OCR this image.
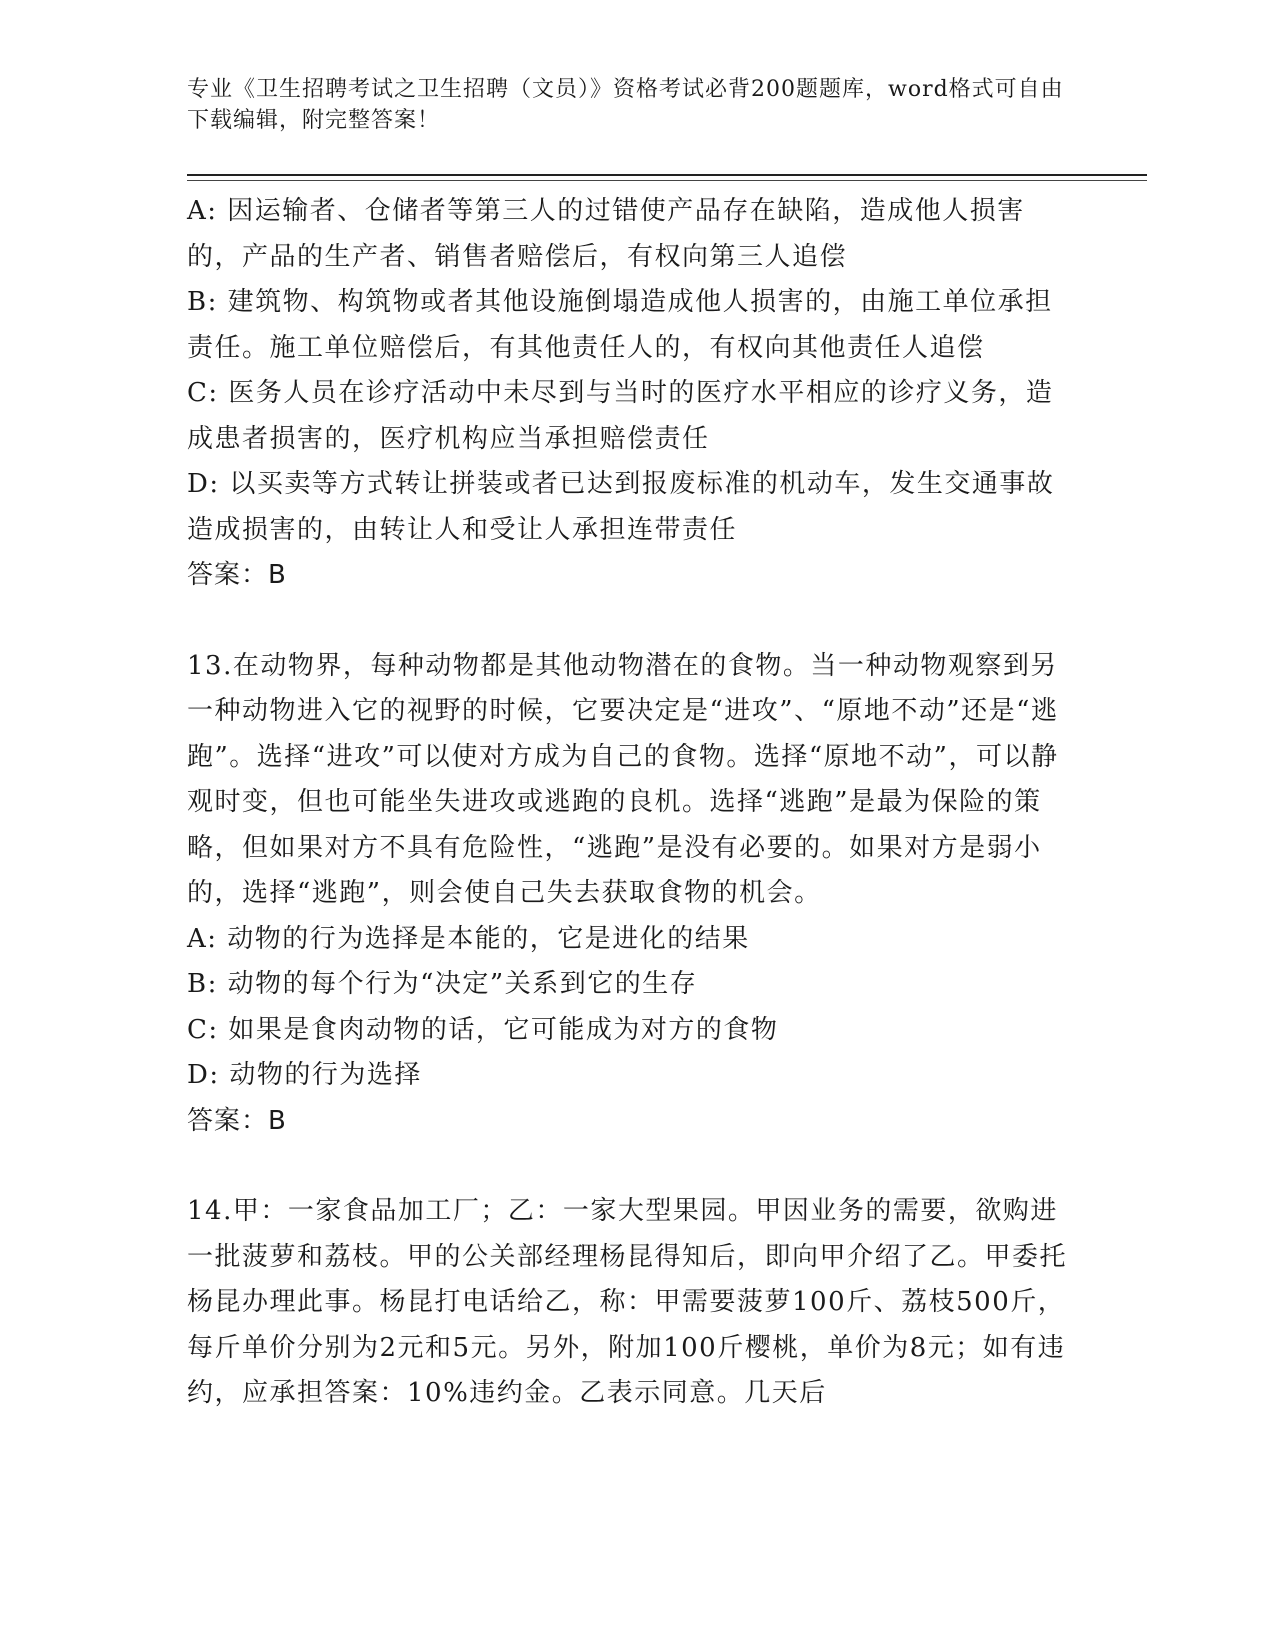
专业《卫生招聘考试之卫生招聘（文员）》资格考试必背200题题库，word格式可自由下载编辑，附完整答案！

A: 因运输者、仓储者等第三人的过错使产品存在缺陷，造成他人损害的，产品的生产者、销售者赔偿后，有权向第三人追偿

B: 建筑物、构筑物或者其他设施倒塌造成他人损害的，由施工单位承担责任。施工单位赔偿后，有其他责任人的，有权向其他责任人追偿

C: 医务人员在诊疗活动中未尽到与当时的医疗水平相应的诊疗义务，造成患者损害的，医疗机构应当承担赔偿责任

D: 以买卖等方式转让拼装或者已达到报废标准的机动车，发生交通事故造成损害的，由转让人和受让人承担连带责任

答案：B

13.在动物界，每种动物都是其他动物潜在的食物。当一种动物观察到另一种动物进入它的视野的时候，它要决定是“进攻”、“原地不动”还是“逃跑”。选择“进攻”可以使对方成为自己的食物。选择“原地不动”，可以静观时变，但也可能坐失进攻或逃跑的良机。选择“逃跑”是最为保险的策略，但如果对方不具有危险性，“逃跑”是没有必要的。如果对方是弱小的，选择“逃跑”，则会使自己失去获取食物的机会。

A: 动物的行为选择是本能的，它是进化的结果

B: 动物的每个行为“决定”关系到它的生存

C: 如果是食肉动物的话，它可能成为对方的食物

D: 动物的行为选择

答案：B

14.甲：一家食品加工厂；乙：一家大型果园。甲因业务的需要，欲购进一批菠萝和荔枝。甲的公关部经理杨昆得知后，即向甲介绍了乙。甲委托杨昆办理此事。杨昆打电话给乙，称：甲需要菠萝100斤、荔枝500斤，每斤单价分别为2元和5元。另外，附加100斤樱桃，单价为8元；如有违约，应承担答案：10%违约金。乙表示同意。几天后
